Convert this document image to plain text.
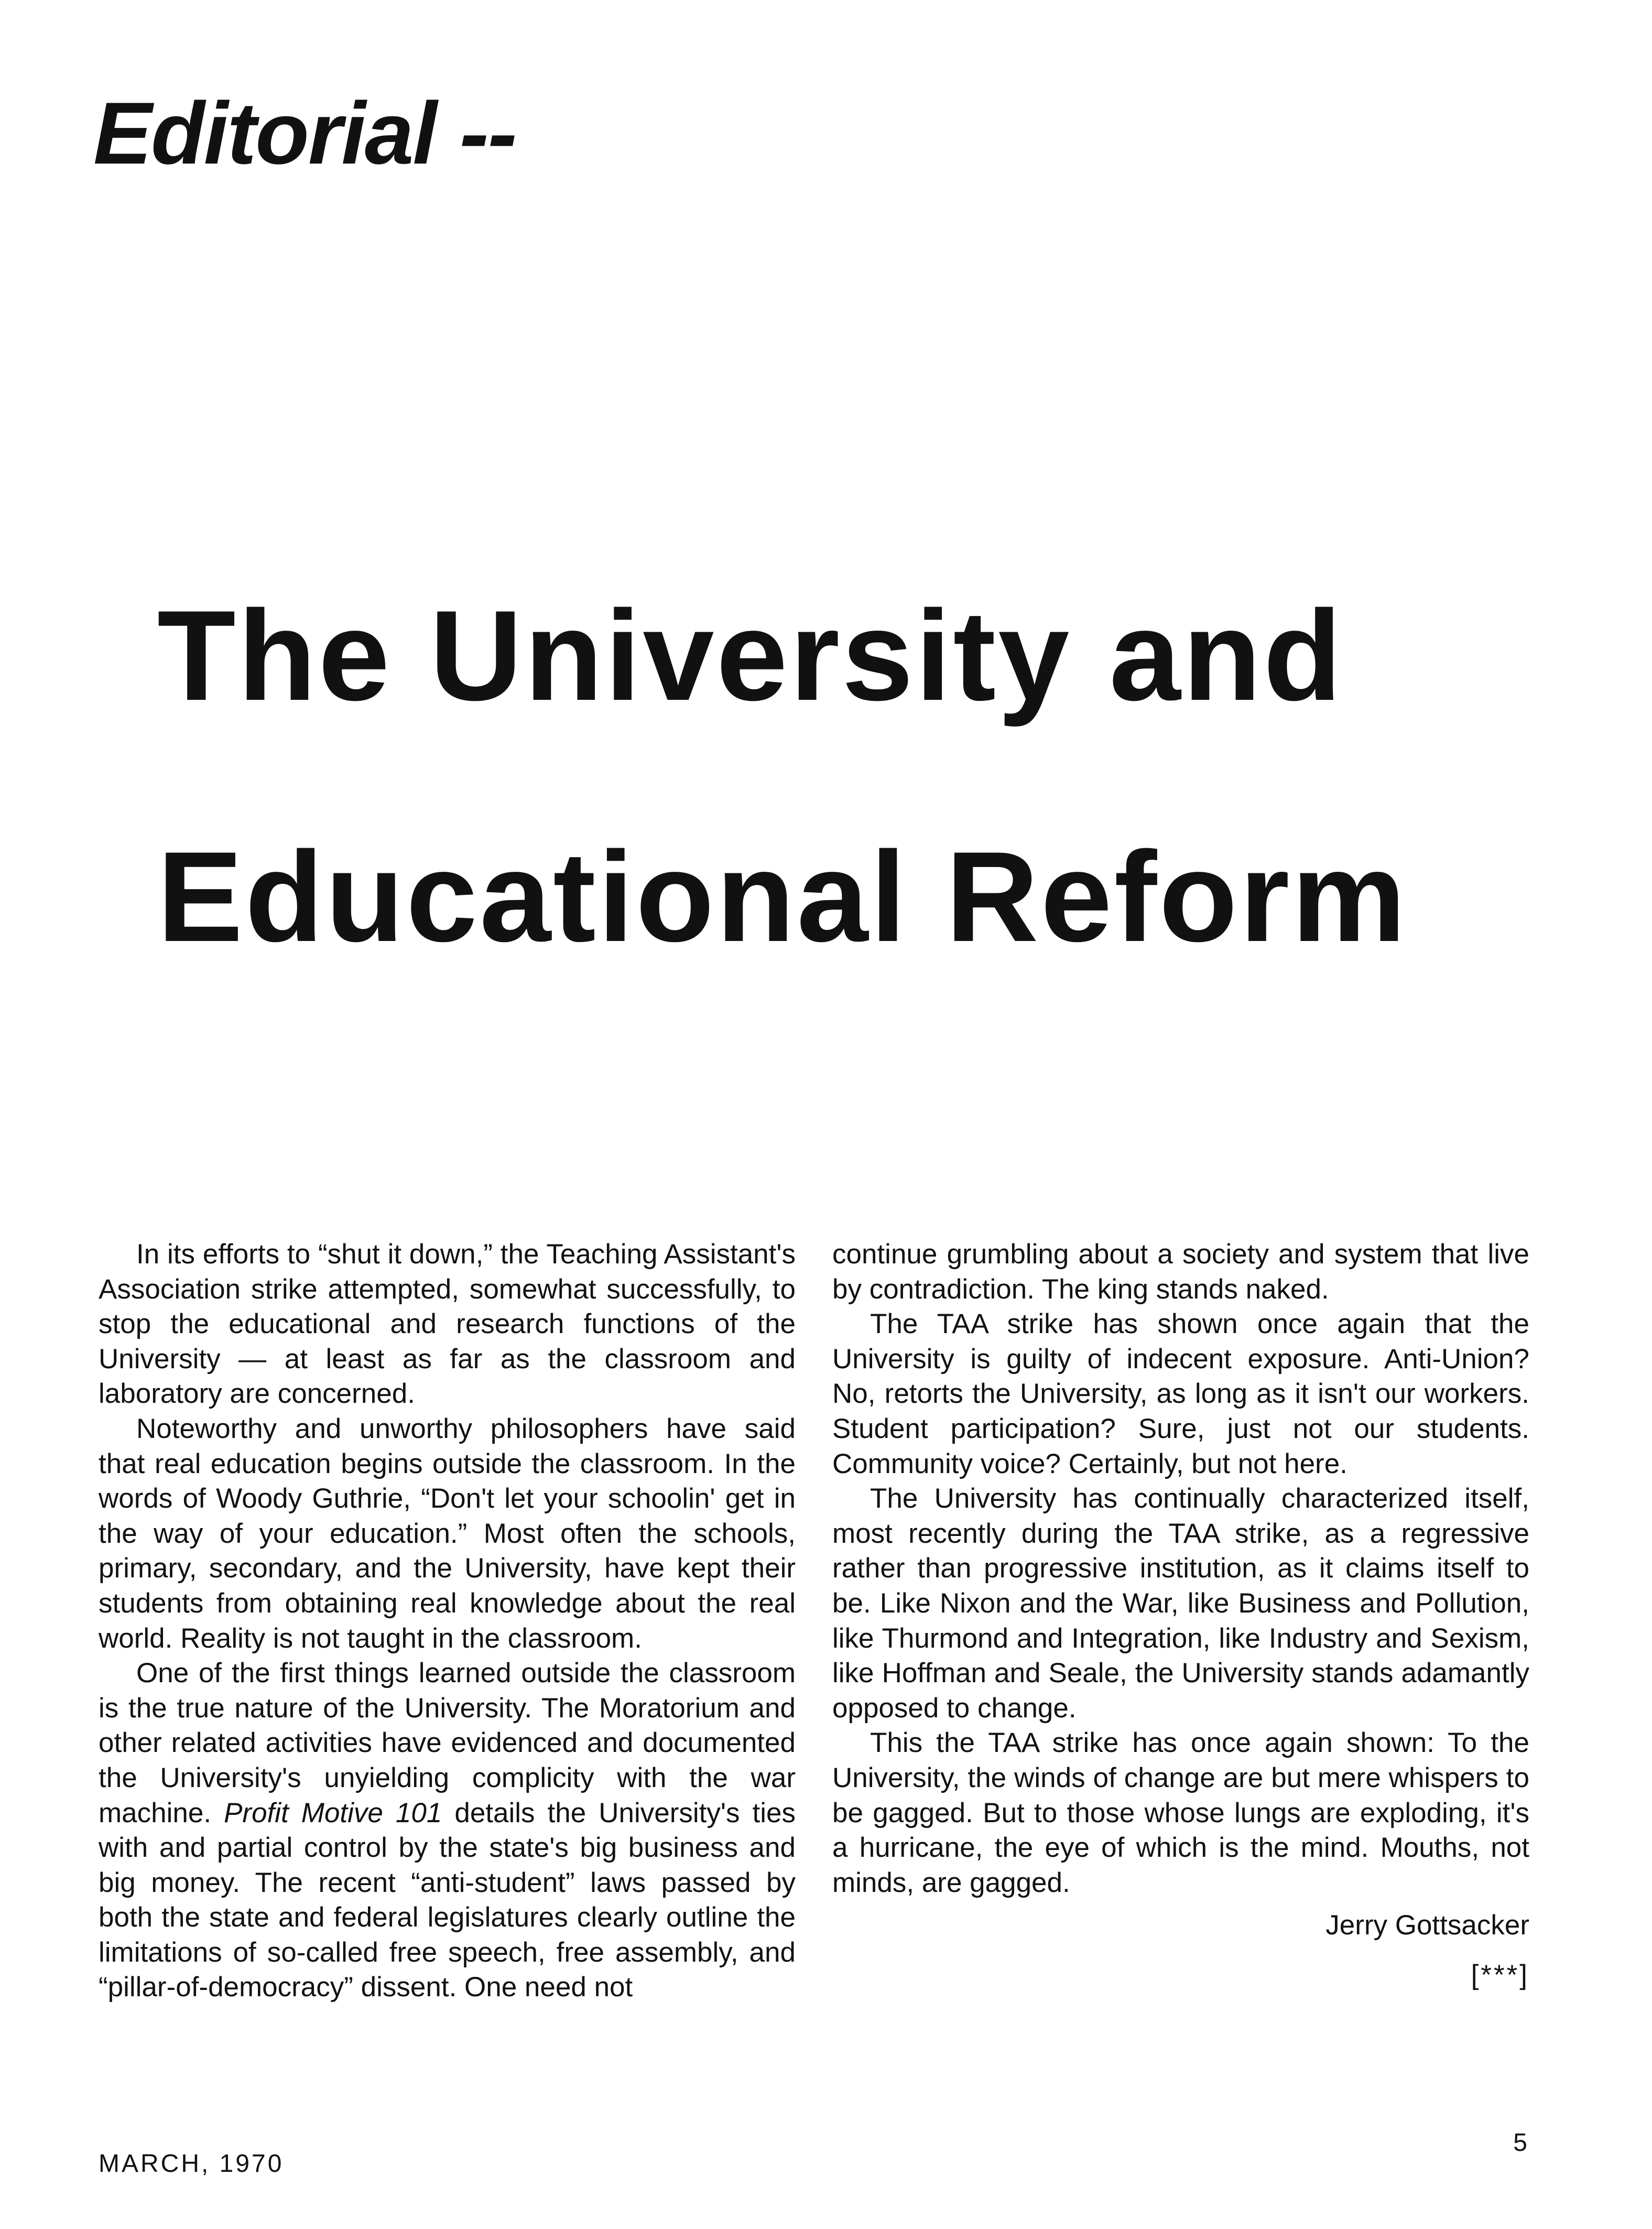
Editorial --
The University and
Educational Reform

In its efforts to “shut it down,” the Teaching Assistant's Association strike attempted, somewhat successfully, to stop the educational and research functions of the University — at least as far as the classroom and laboratory are concerned.

Noteworthy and unworthy philosophers have said that real education begins outside the classroom. In the words of Woody Guthrie, “Don't let your schoolin' get in the way of your education.” Most often the schools, primary, secondary, and the University, have kept their students from obtaining real knowledge about the real world. Reality is not taught in the classroom.

One of the first things learned outside the classroom is the true nature of the University. The Moratorium and other related activities have evidenced and documented the University's unyielding complicity with the war machine. Profit Motive 101 details the University's ties with and partial control by the state's big business and big money. The recent “anti-student” laws passed by both the state and federal legislatures clearly outline the limitations of so-called free speech, free assembly, and “pillar-of-democracy” dissent. One need not

continue grumbling about a society and system that live by contradiction. The king stands naked.

The TAA strike has shown once again that the University is guilty of indecent exposure. Anti-Union? No, retorts the University, as long as it isn't our workers. Student participation? Sure, just not our students. Community voice? Certainly, but not here.

The University has continually characterized itself, most recently during the TAA strike, as a regressive rather than progressive institution, as it claims itself to be. Like Nixon and the War, like Business and Pollution, like Thurmond and Integration, like Industry and Sexism, like Hoffman and Seale, the University stands adamantly opposed to change.

This the TAA strike has once again shown: To the University, the winds of change are but mere whispers to be gagged. But to those whose lungs are exploding, it's a hurricane, the eye of which is the mind. Mouths, not minds, are gagged.

Jerry Gottsacker

[***]

MARCH, 1970

5
